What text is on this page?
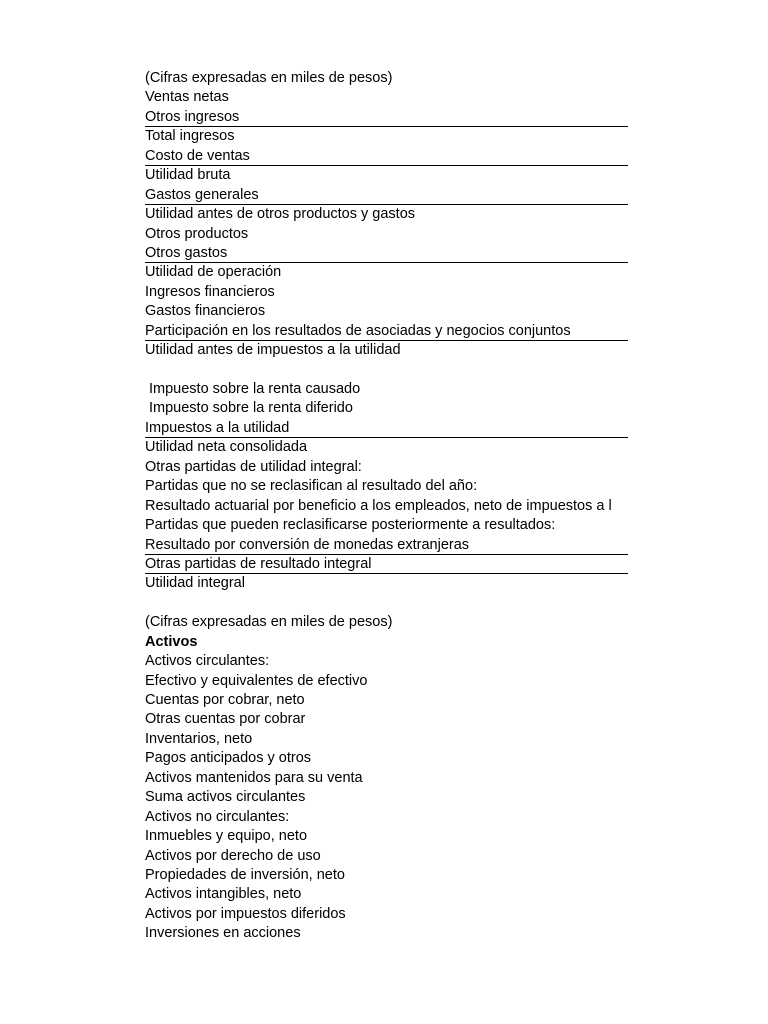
(Cifras expresadas en miles de pesos)
Ventas netas
Otros ingresos
Total ingresos
Costo de ventas
Utilidad bruta
Gastos generales
Utilidad antes de otros productos y gastos
Otros productos
Otros gastos
Utilidad de operación
Ingresos financieros
Gastos financieros
Participación en los resultados de asociadas y negocios conjuntos
Utilidad antes de impuestos a la utilidad
Impuesto sobre la renta causado
Impuesto sobre la renta diferido
Impuestos a la utilidad
Utilidad neta consolidada
Otras partidas de utilidad integral:
Partidas que no se reclasifican al resultado del año:
Resultado actuarial por beneficio a los empleados, neto de impuestos a l
Partidas que pueden reclasificarse posteriormente a resultados:
Resultado por conversión de monedas extranjeras
Otras partidas de resultado integral
Utilidad integral
(Cifras expresadas en miles de pesos)
Activos
Activos circulantes:
Efectivo y equivalentes de efectivo
Cuentas por cobrar, neto
Otras cuentas por cobrar
Inventarios, neto
Pagos anticipados y otros
Activos mantenidos para su venta
Suma activos circulantes
Activos no circulantes:
Inmuebles y equipo, neto
Activos por derecho de uso
Propiedades de inversión, neto
Activos intangibles, neto
Activos por impuestos diferidos
Inversiones en acciones
